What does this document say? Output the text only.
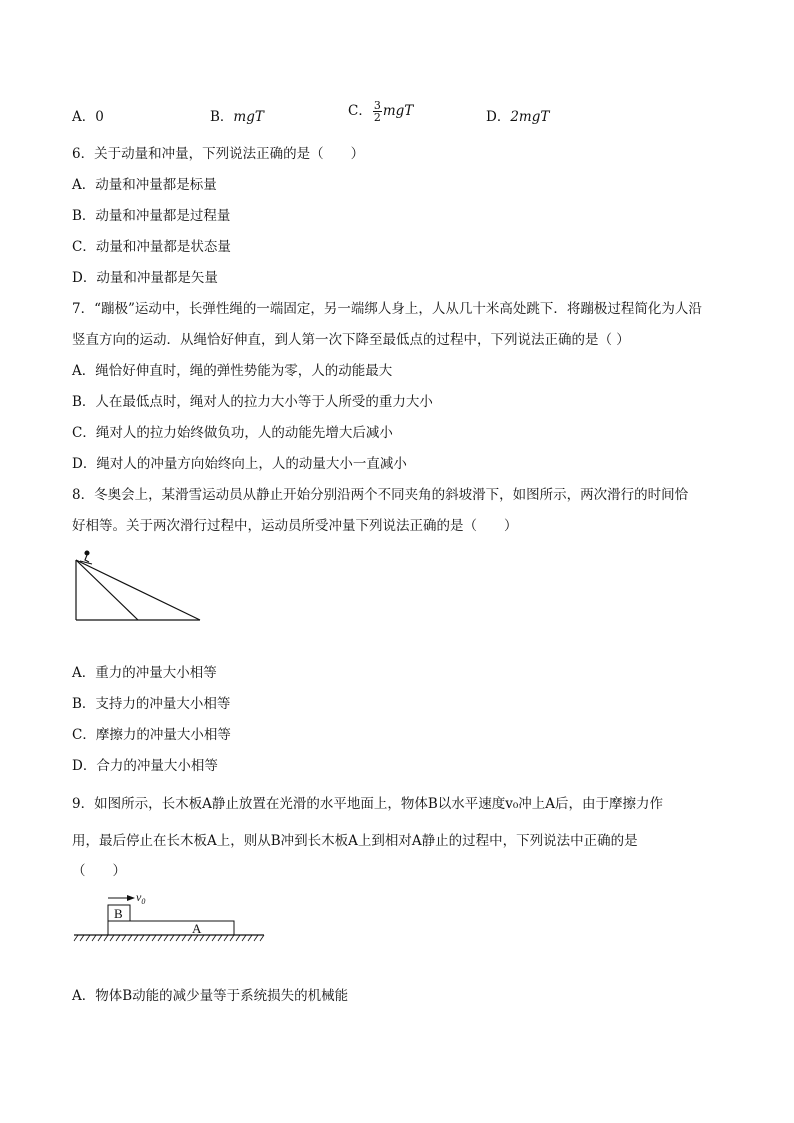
A．0	B．mgT	C． $\frac{3}{2}$ mgT	D．2mgT
6．关于动量和冲量，下列说法正确的是（　　）
A．动量和冲量都是标量
B．动量和冲量都是过程量
C．动量和冲量都是状态量
D．动量和冲量都是矢量
7．“蹦极”运动中，长弹性绳的一端固定，另一端绑人身上，人从几十米高处跳下．将蹦极过程简化为人沿
竖直方向的运动．从绳恰好伸直，到人第一次下降至最低点的过程中，下列说法正确的是（ ）
A．绳恰好伸直时，绳的弹性势能为零，人的动能最大
B．人在最低点时，绳对人的拉力大小等于人所受的重力大小
C．绳对人的拉力始终做负功，人的动能先增大后减小
D．绳对人的冲量方向始终向上，人的动量大小一直减小
8．冬奥会上，某滑雪运动员从静止开始分别沿两个不同夹角的斜坡滑下，如图所示，两次滑行的时间恰
好相等。关于两次滑行过程中，运动员所受冲量下列说法正确的是（　　）
A．重力的冲量大小相等
B．支持力的冲量大小相等
C．摩擦力的冲量大小相等
D．合力的冲量大小相等
9．如图所示，长木板A静止放置在光滑的水平地面上，物体B以水平速度v₀冲上A后，由于摩擦力作
用，最后停止在长木板A上，则从B冲到长木板A上到相对A静止的过程中，下列说法中正确的是
（　　）
$v_0$
B
A
A．物体B动能的减少量等于系统损失的机械能
